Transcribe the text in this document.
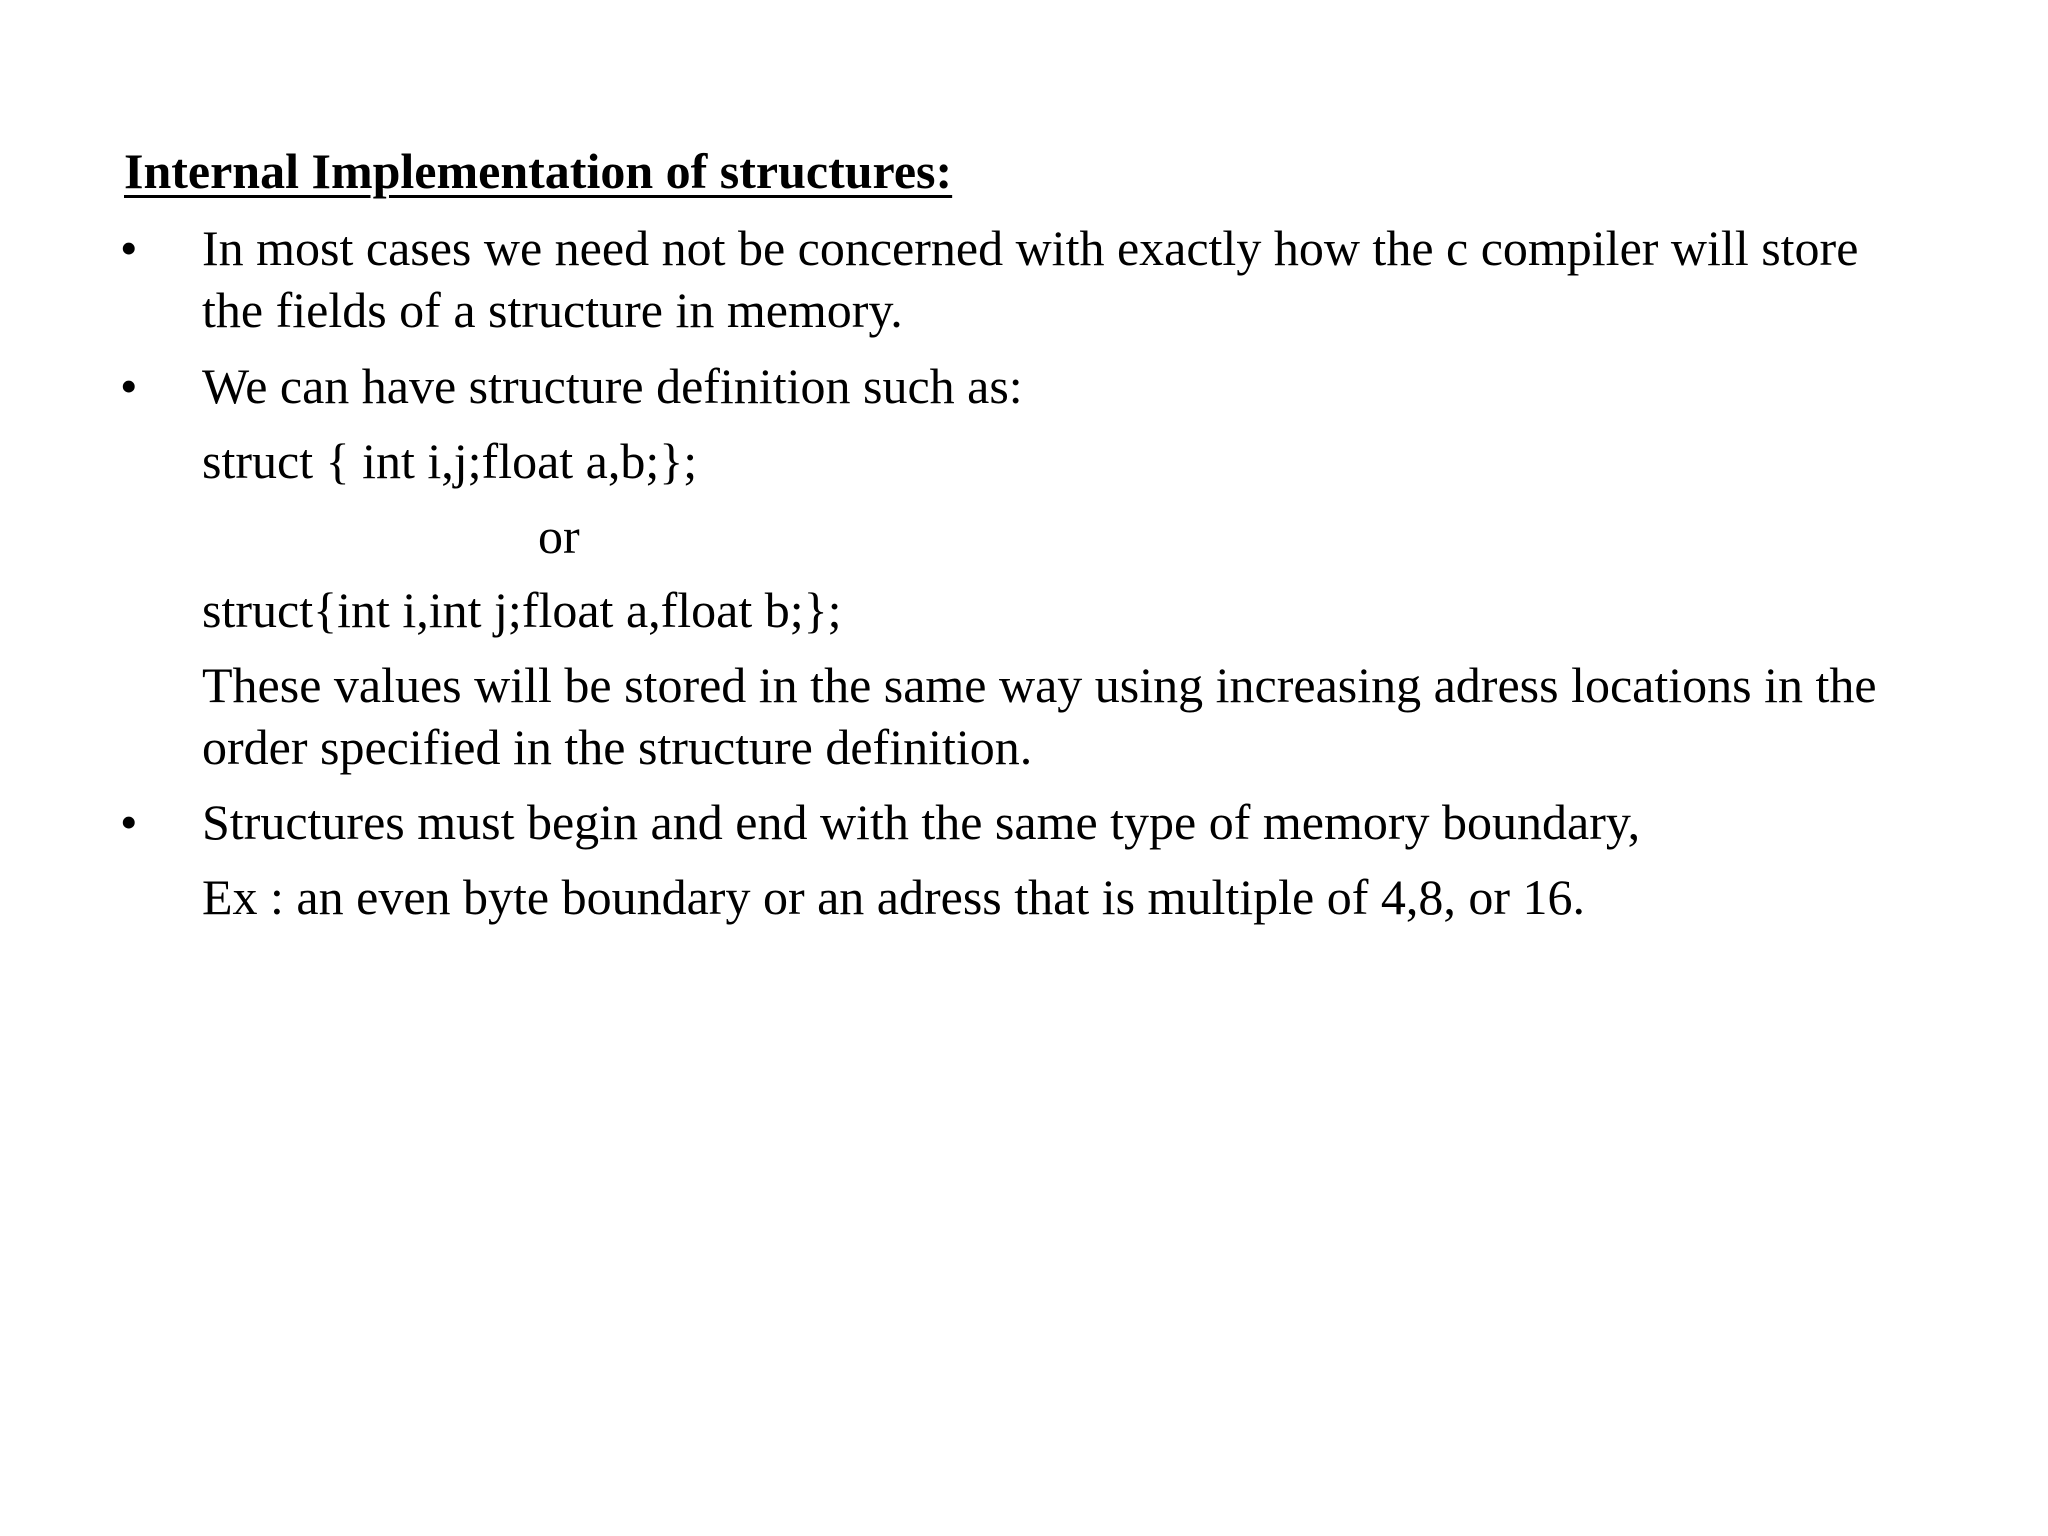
Internal Implementation of structures:
• In most cases we need not be concerned with exactly how the c compiler will store
the fields of a structure in memory.
• We can have structure definition such as:
struct { int i,j;float a,b;};
or
struct{int i,int j;float a,float b;};
These values will be stored in the same way using increasing adress locations in the
order specified in the structure definition.
• Structures must begin and end with the same type of memory boundary,
Ex : an even byte boundary or an adress that is multiple of 4,8, or 16.
